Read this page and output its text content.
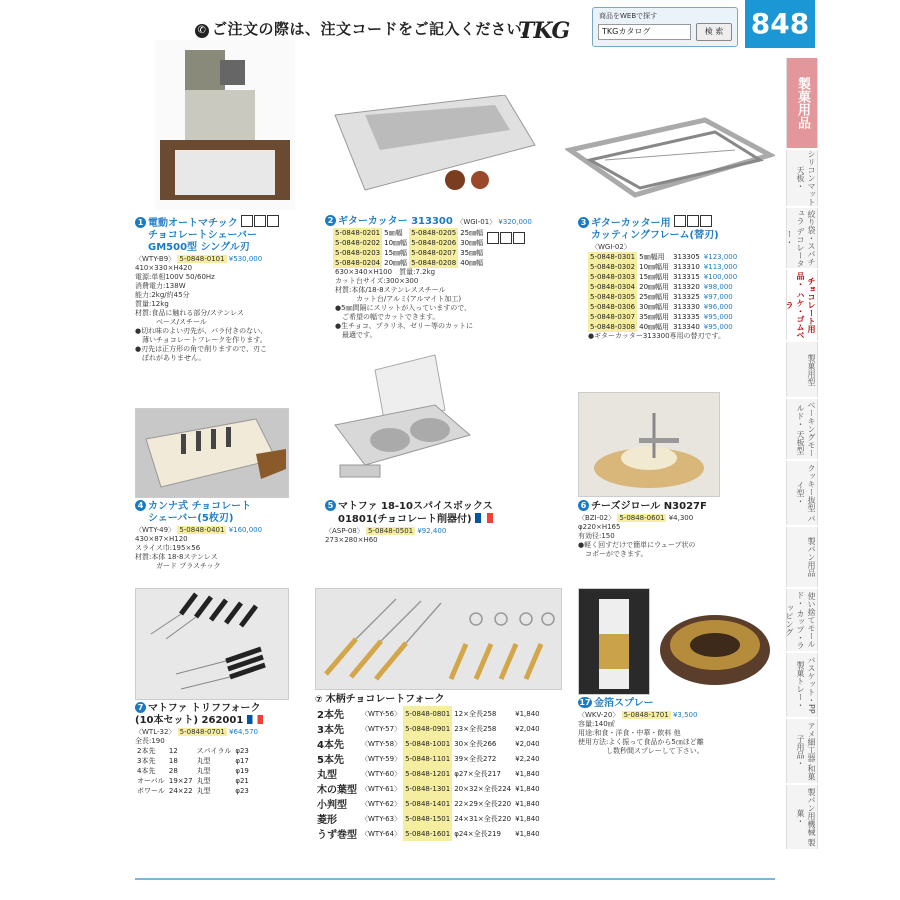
✆ ご注文の際は、注文コードをご記入ください。
TKG
商品をWEBで探す
TKGカタログ	検 索 848
製菓用品
シリコンマット 天板・
絞り袋・スパチュラ デコレーター・
チョコレート用品・ ハケ・ゴムベラ
製菓用型
ベーキングモールド・ 天板型
クッキー抜型 パイ型・
製パン用品
使い捨てモールド・ カップ・ラッピング
バスケット・PP 製菓トレー・
アメ細工器 和菓子用品・
製パン用機械 製菓・
1 電動オートマチック
チョコレートシェーバー
GM500型 シングル刃
〈WTY-B9〉 5-0848-0101 ¥530,000
410×330×H420
電源:単相100V 50/60Hz
消費電力:138W
能力:2kg/約45分
質量:12kg
材質:食品に触れる部分/ステンレス
　　　ベース/スチール
●切れ味のよい刃先が、バラ付きのない、
　薄いチョコレートフレークを作ります。
●刃先は正方形の角で削りますので、刃こ
　ぼれがありません。
2 ギターカッター 313300 〈WGI-01〉 ¥320,000
5-0848-0201	5㎜幅	5-0848-0205	25㎜幅	
5-0848-0202	10㎜幅	5-0848-0206	30㎜幅	
5-0848-0203	15㎜幅	5-0848-0207	35㎜幅	
5-0848-0204	20㎜幅	5-0848-0208	40㎜幅	
630×340×H100　質量:7.2kg
カット台サイズ:300×300
材質:本体/18-8ステンレススチール
　　　カット台/アルミ(アルマイト加工)
●5㎜間隔にスリットが入っていますので、
　ご希望の幅でカットできます。
●生チョコ、プラリネ、ゼリー等のカットに
　最適です。
3 ギターカッター用
カッティングフレーム(替刃)
〈WGI-02〉
5-0848-0301	5㎜幅用	313305	¥123,000
5-0848-0302	10㎜幅用	313310	¥113,000
5-0848-0303	15㎜幅用	313315	¥100,000
5-0848-0304	20㎜幅用	313320	¥98,000
5-0848-0305	25㎜幅用	313325	¥97,000
5-0848-0306	30㎜幅用	313330	¥96,000
5-0848-0307	35㎜幅用	313335	¥95,000
5-0848-0308	40㎜幅用	313340	¥95,000
●ギターカッター313300専用の替刃です。
4 カンナ式 チョコレート
シェーバー(5枚刃)
〈WTY-49〉 5-0848-0401 ¥160,000
430×87×H120
スライス巾:195×56
材質:本体 18-8ステンレス
　　　ガード プラスチック
5 マトファ 18-10スパイスボックス
01801(チョコレート削器付)
〈ASP-08〉 5-0848-0501 ¥92,400
273×280×H60
6 チーズジロール N3027F
〈BZI-02〉 5-0848-0601 ¥4,300
φ220×H165
有効径:150
●軽く回すだけで簡単にウェーブ状の
　コポーができます。
7 マトファ トリフフォーク
(10本セット) 262001
〈WTL-32〉 5-0848-0701 ¥64,570
全長:190
2本先	12	スパイラル	φ23
3本先	18	丸型	φ17
4本先	28	丸型	φ19
オーバル	19×27	丸型	φ21
ボワール	24×22	丸型	φ23
⑦ 木柄チョコレートフォーク
2本先	〈WTY-56〉	5-0848-0801	12×全長258	¥1,840
3本先	〈WTY-57〉	5-0848-0901	23×全長258	¥2,040
4本先	〈WTY-58〉	5-0848-1001	30×全長266	¥2,040
5本先	〈WTY-59〉	5-0848-1101	39×全長272	¥2,240
丸型	〈WTY-60〉	5-0848-1201	φ27×全長217	¥1,840
木の葉型	〈WTY-61〉	5-0848-1301	20×32×全長224	¥1,840
小判型	〈WTY-62〉	5-0848-1401	22×29×全長220	¥1,840
菱形	〈WTY-63〉	5-0848-1501	24×31×全長220	¥1,840
うず巻型	〈WTY-64〉	5-0848-1601	φ24×全長219	¥1,840
17 金箔スプレー
〈WKV-20〉 5-0848-1701 ¥3,500
容量:140㎖
用途:和食・洋食・中華・飲料 他
使用方法:よく振って食品から5㎝ほど離
　　　　し数秒間スプレーして下さい。
